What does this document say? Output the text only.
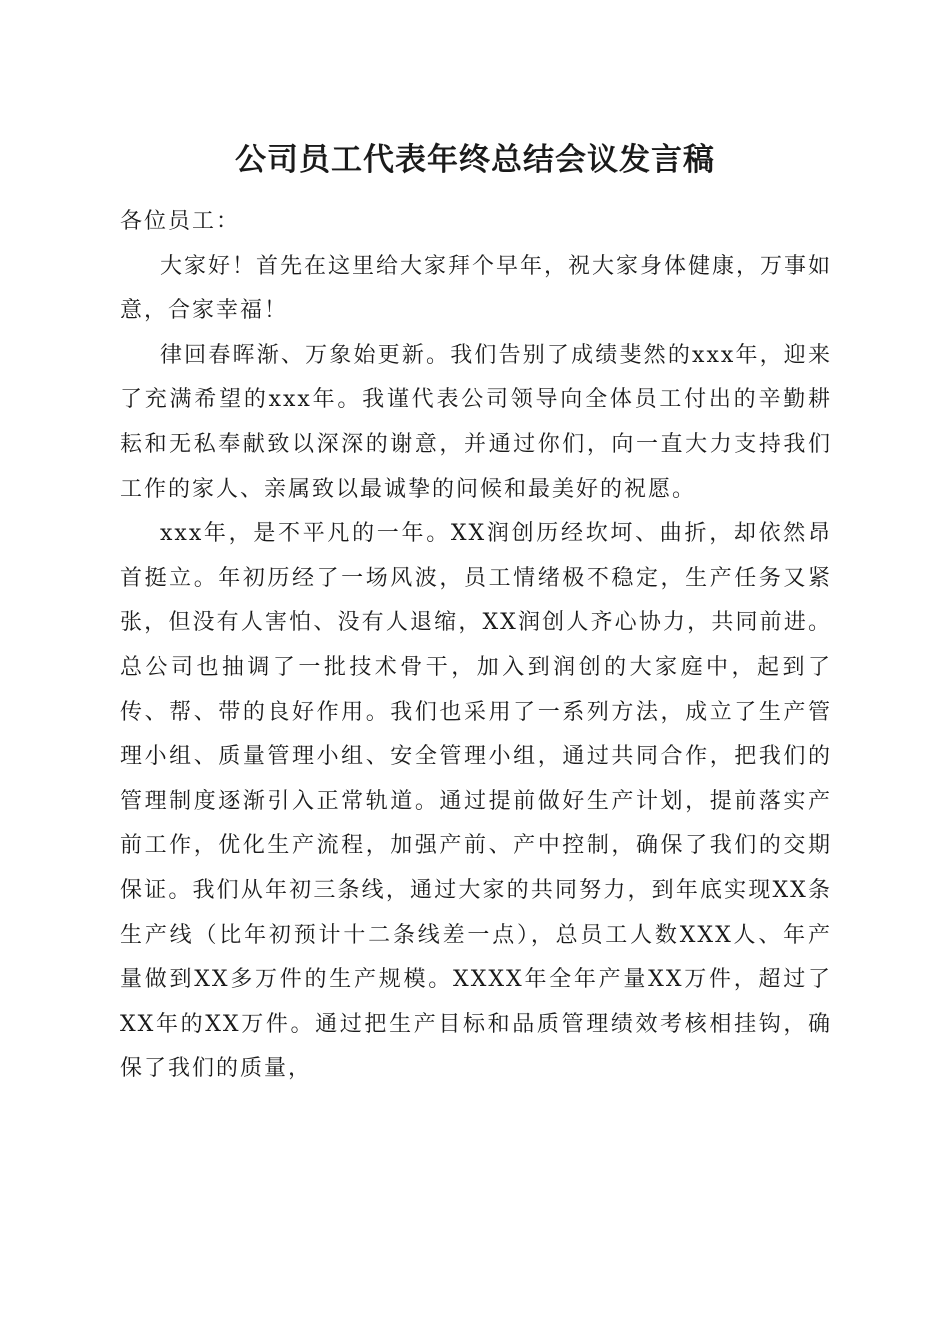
公司员工代表年终总结会议发言稿

各位员工：

大家好！首先在这里给大家拜个早年，祝大家身体健康，万事如意，合家幸福！

律回春晖渐、万象始更新。我们告别了成绩斐然的xxx年，迎来了充满希望的xxx年。我谨代表公司领导向全体员工付出的辛勤耕耘和无私奉献致以深深的谢意，并通过你们，向一直大力支持我们工作的家人、亲属致以最诚挚的问候和最美好的祝愿。

xxx年，是不平凡的一年。XX润创历经坎坷、曲折，却依然昂首挺立。年初历经了一场风波，员工情绪极不稳定，生产任务又紧张，但没有人害怕、没有人退缩，XX润创人齐心协力，共同前进。总公司也抽调了一批技术骨干，加入到润创的大家庭中，起到了传、帮、带的良好作用。我们也采用了一系列方法，成立了生产管理小组、质量管理小组、安全管理小组，通过共同合作，把我们的管理制度逐渐引入正常轨道。通过提前做好生产计划，提前落实产前工作，优化生产流程，加强产前、产中控制，确保了我们的交期保证。我们从年初三条线，通过大家的共同努力，到年底实现XX条生产线（比年初预计十二条线差一点），总员工人数XXX人、年产量做到XX多万件的生产规模。XXXX年全年产量XX万件，超过了XX年的XX万件。通过把生产目标和品质管理绩效考核相挂钩，确保了我们的质量，
